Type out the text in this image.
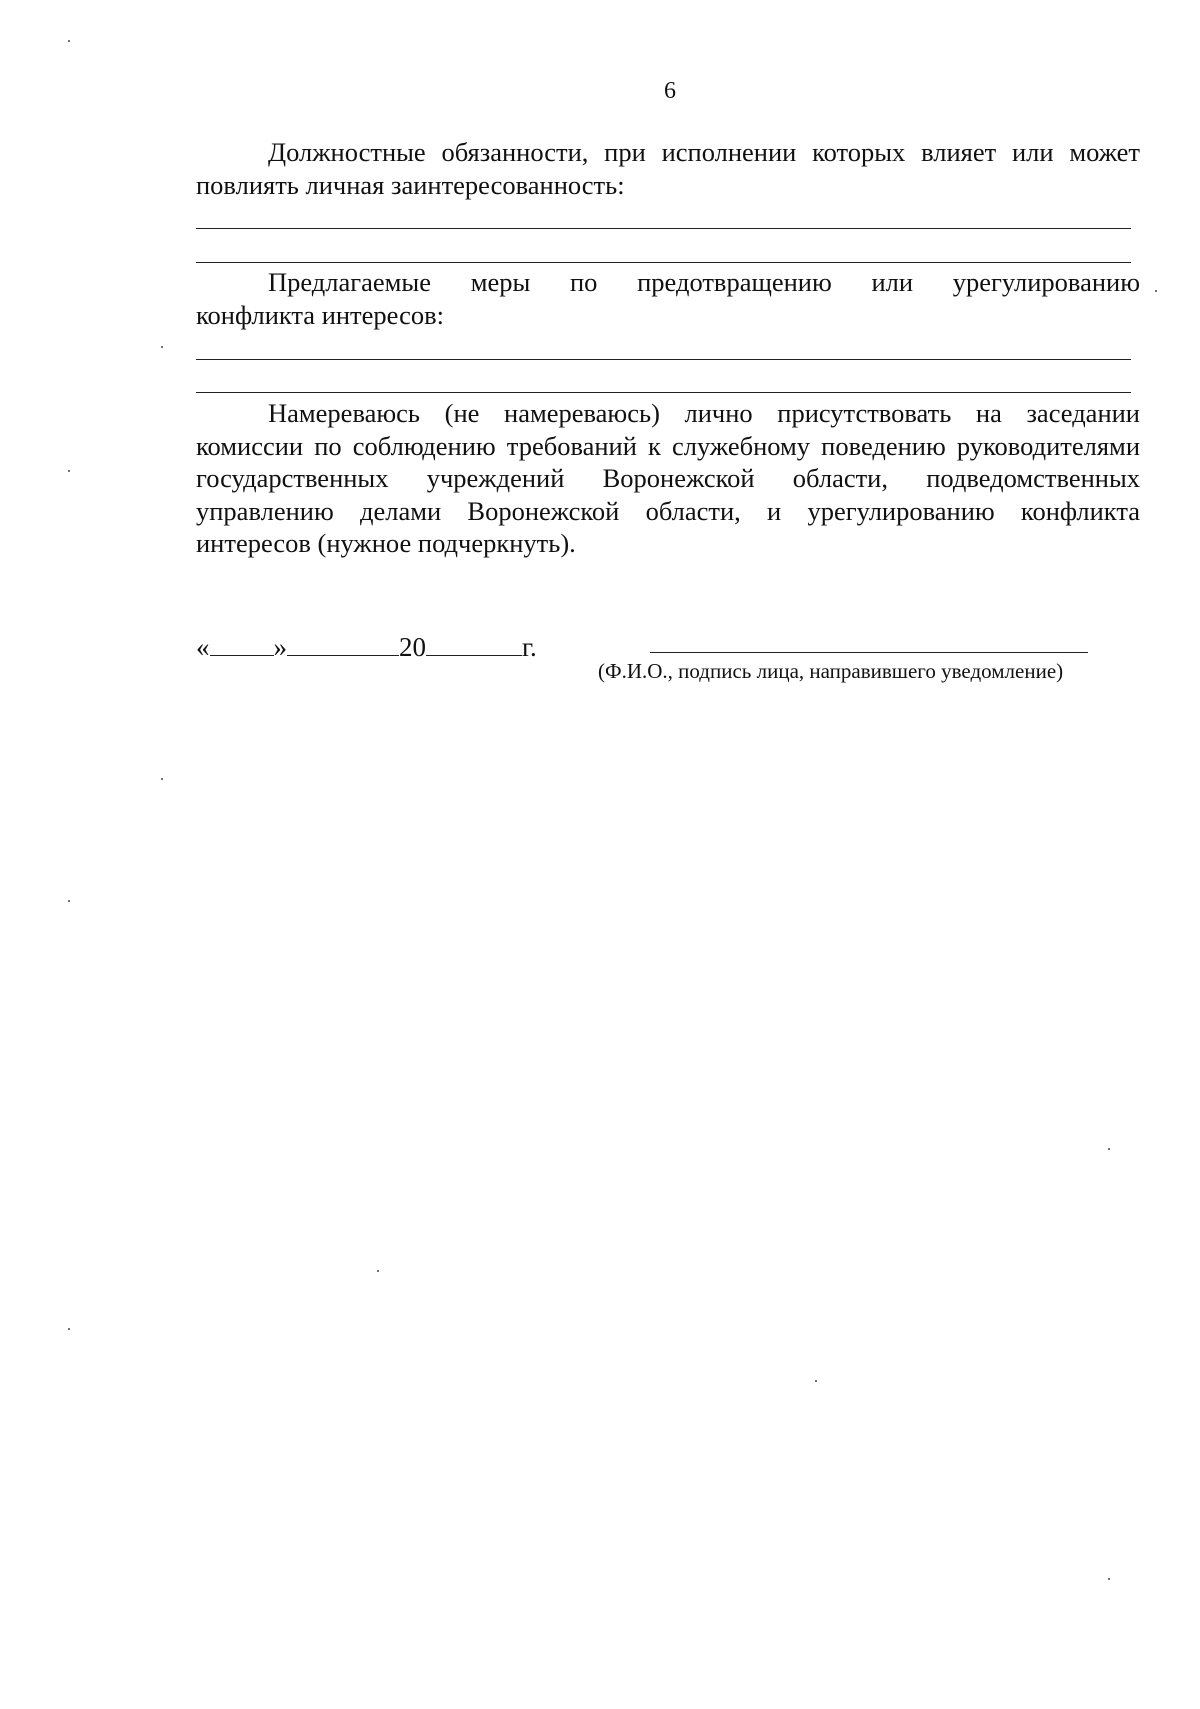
6
Должностные обязанности, при исполнении которых влияет или может повлиять личная заинтересованность:
Предлагаемые меры по предотвращению или урегулированию
конфликта интересов:
Намереваюсь (не намереваюсь) лично присутствовать на заседании комиссии по соблюдению требований к служебному поведению руководителями государственных учреждений Воронежской области, подведомственных управлению делами Воронежской области, и урегулированию конфликта интересов (нужное подчеркнуть).
« »	20	г.
(Ф.И.О., подпись лица, направившего уведомление)
